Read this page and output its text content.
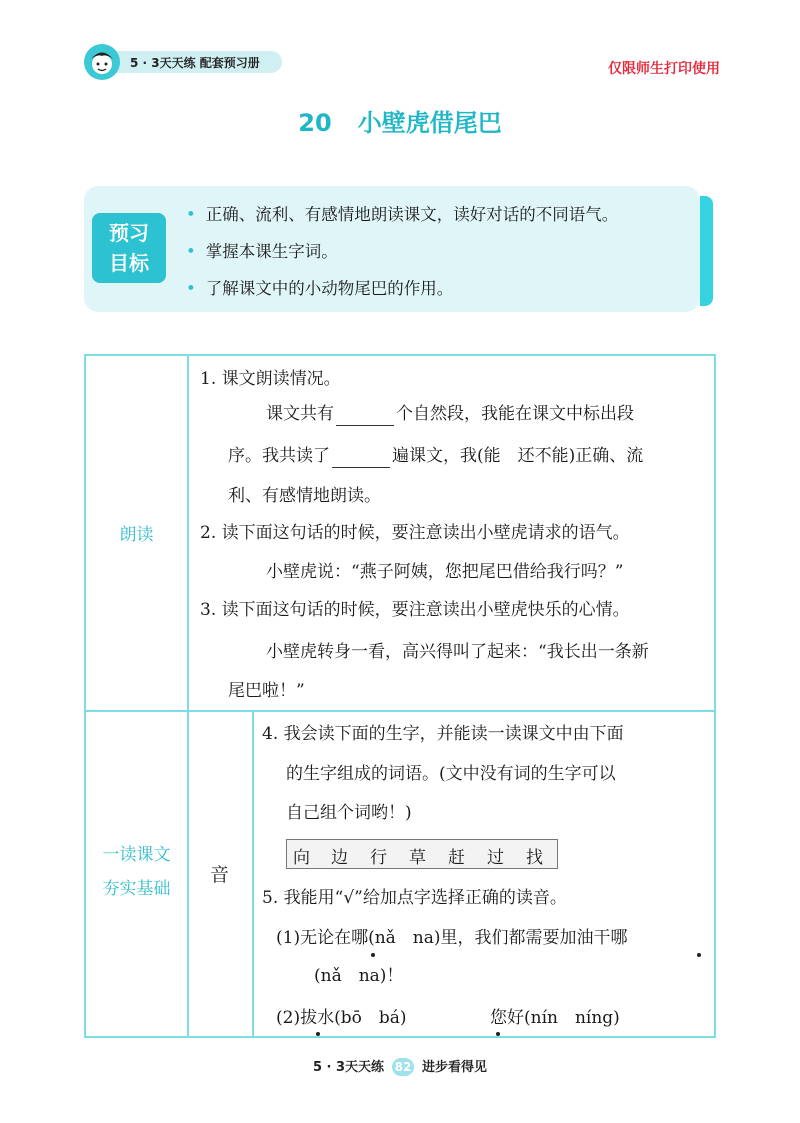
5 · 3天天练 配套预习册	仅限师生打印使用
20 小壁虎借尾巴
预习
目标
• 正确、流利、有感情地朗读课文，读好对话的不同语气。
• 掌握本课生字词。
• 了解课文中的小动物尾巴的作用。
朗读
1. 课文朗读情况。
课文共有	个自然段，我能在课文中标出段
序。我共读了	遍课文，我(能　还不能)正确、流
利、有感情地朗读。
2. 读下面这句话的时候，要注意读出小壁虎请求的语气。
小壁虎说：“燕子阿姨，您把尾巴借给我行吗？”
3. 读下面这句话的时候，要注意读出小壁虎快乐的心情。
小壁虎转身一看，高兴得叫了起来：“我长出一条新
尾巴啦！”
一读课文
夯实基础
音
4. 我会读下面的生字，并能读一读课文中由下面
的生字组成的词语。(文中没有词的生字可以
自己组个词哟！)
向 边 行 草 赶 过 找
5. 我能用“√”给加点字选择正确的读音。
(1)无论在哪(nǎ　na)里，我们都需要加油干哪
(nǎ　na)！
(2)拔水(bō　bá)	您好(nín　níng)
5 · 3天天练 82 进步看得见
